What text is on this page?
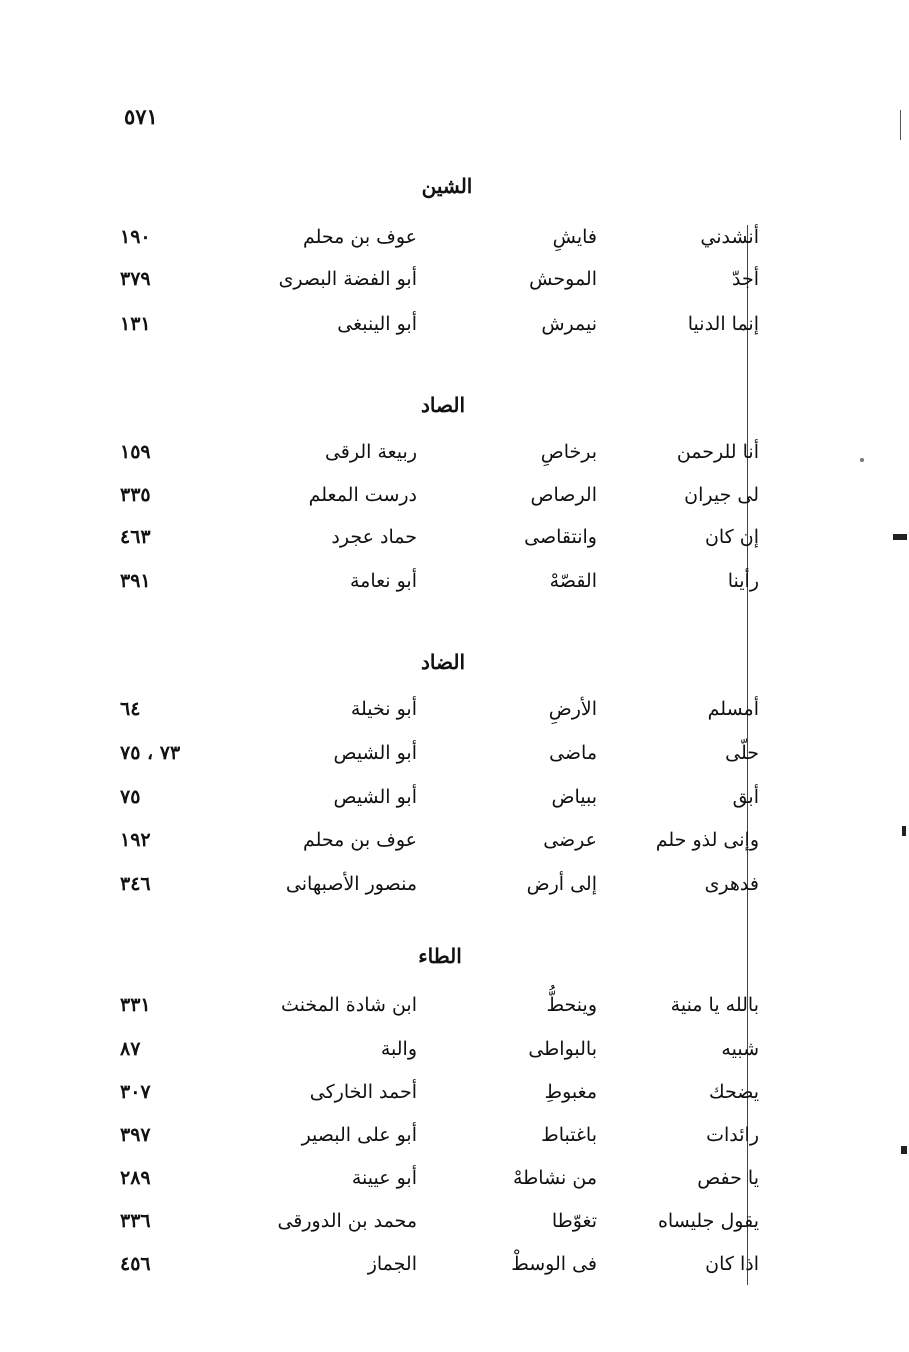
٥٧١
الشين
أنشدني
فايشِ
عوف بن محلم
١٩٠
أجدّ
الموحش
أبو الفضة البصرى
٣٧٩
إنما الدنيا
نيمرش
أبو الينبغى
١٣١
الصاد
أنا للرحمن
برخاصِ
ربيعة الرقى
١٥٩
لى جيران
الرصاص
درست المعلم
٣٣٥
إن كان
وانتقاصى
حماد عجرد
٤٦٣
رأينا
القصّهْ
أبو نعامة
٣٩١
الضاد
أمسلم
الأرضِ
أبو نخيلة
٦٤
حلّى
ماضى
أبو الشيص
٧٣ ، ٧٥
أبق
ببياض
أبو الشيص
٧٥
وإنى لذو حلم
عرضى
عوف بن محلم
١٩٢
فدهرى
إلى أرض
منصور الأصبهانى
٣٤٦
الطاء
بالله يا منية
وينحطُّ
ابن شادة المخنث
٣٣١
شبيه
بالبواطى
والبة
٨٧
يضحك
مغبوطِ
أحمد الخاركى
٣٠٧
رائدات
باغتباط
أبو على البصير
٣٩٧
يا حفص
من نشاطهْ
أبو عيينة
٢٨٩
يقول جليساه
تغوّطا
محمد بن الدورقى
٣٣٦
اذا كان
فى الوسطْ
الجماز
٤٥٦
